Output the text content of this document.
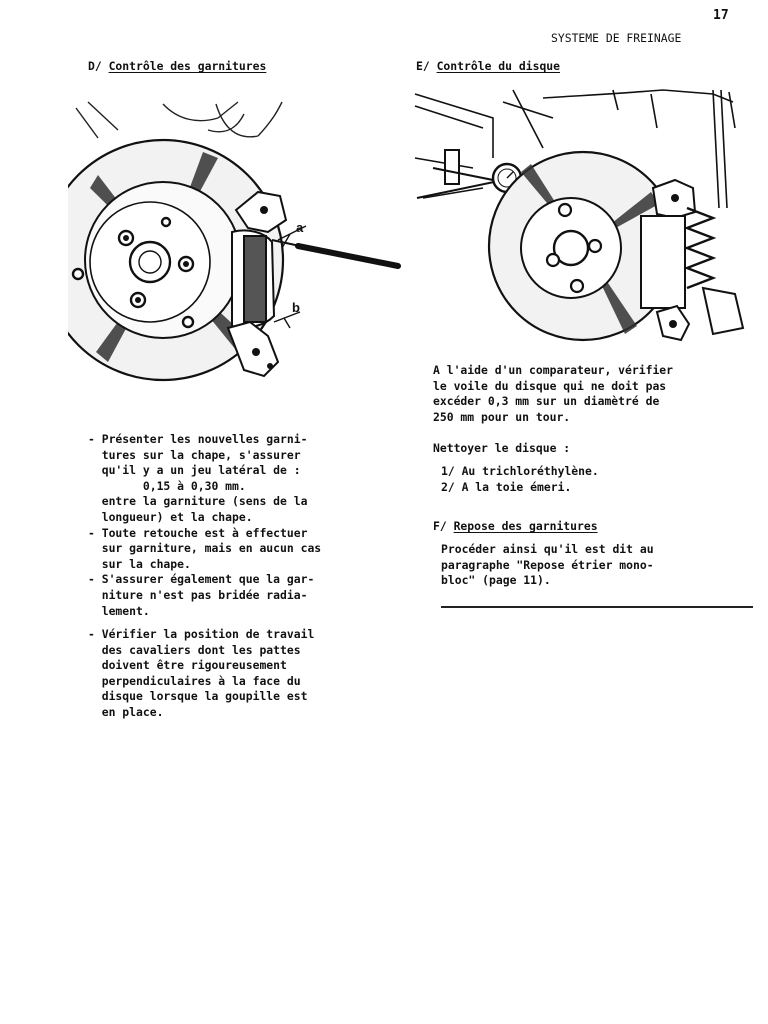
17
SYSTEME DE FREINAGE
D/ Contrôle des garnitures	E/ Contrôle du disque
a
b
- Présenter les nouvelles garni-
tures sur la chape, s'assurer
qu'il y a un jeu latéral de :
0,15 à 0,30 mm.
entre la garniture (sens de la
longueur) et la chape.
- Toute retouche est à effectuer
sur garniture, mais en aucun cas
sur la chape.
- S'assurer également que la gar-
niture n'est pas bridée radia-
lement.
- Vérifier la position de travail
des cavaliers dont les pattes
doivent être rigoureusement
perpendiculaires à la face du
disque lorsque la goupille est
en place.
A l'aide d'un comparateur, vérifier
le voile du disque qui ne doit pas
excéder 0,3 mm sur un diamètré de
250 mm pour un tour.
Nettoyer le disque :
1/ Au trichloréthylène.
2/ A la toie émeri.
F/ Repose des garnitures
Procéder ainsi qu'il est dit au
paragraphe "Repose étrier mono-
bloc" (page 11).
